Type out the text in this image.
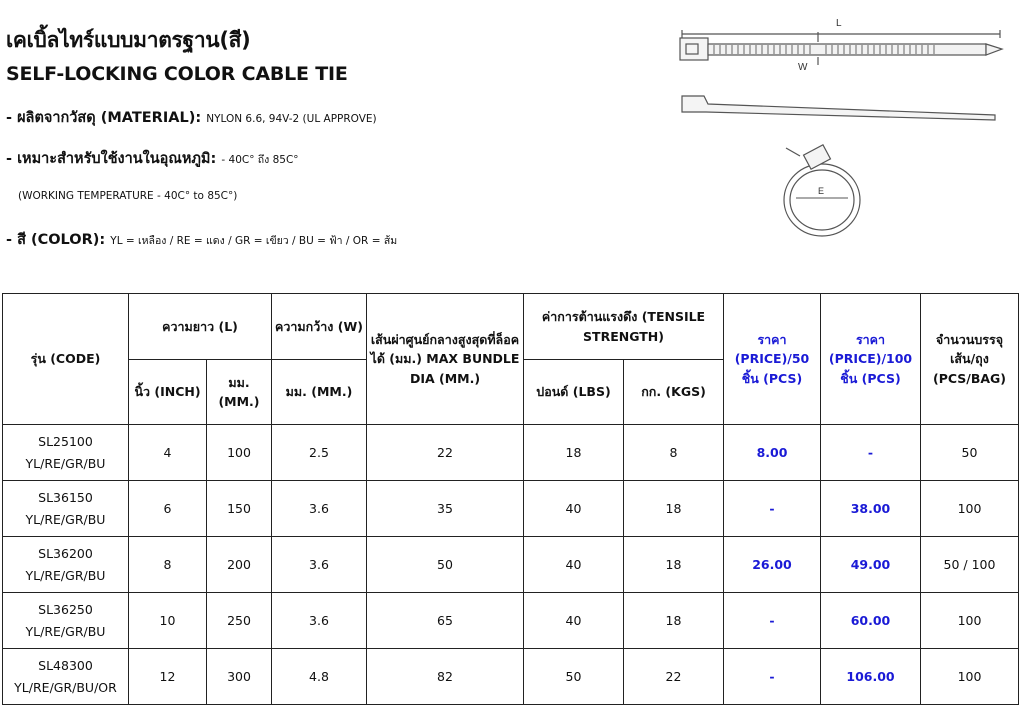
เคเบิ้ลไทร์แบบมาตรฐาน(สี)
SELF-LOCKING COLOR CABLE TIE
- ผลิตจากวัสดุ (MATERIAL): NYLON 6.6, 94V-2 (UL APPROVE)
- เหมาะสำหรับใช้งานในอุณหภูมิ: - 40C° ถึง 85C°
(WORKING TEMPERATURE - 40C° to 85C°)
- สี (COLOR): YL = เหลือง / RE = แดง / GR = เขียว / BU = ฟ้า / OR = ส้ม
L
W
E
รุ่น (CODE)	ความยาว (L)		ความกว้าง (W)	เส้นผ่าศูนย์กลางสูงสุดที่ล็อคได้ (มม.) MAX BUNDLE DIA (MM.)	ค่าการต้านแรงดึง (TENSILE STRENGTH)		ราคา (PRICE)/50 ชิ้น (PCS)	ราคา (PRICE)/100 ชิ้น (PCS)	จำนวนบรรจุ เส้น/ถุง (PCS/BAG)
	นิ้ว (INCH)	มม. (MM.)	มม. (MM.)		ปอนด์ (LBS)	กก. (KGS)			
SL25100
YL/RE/GR/BU	4	100	2.5	22	18	8	8.00	-	50
SL36150
YL/RE/GR/BU	6	150	3.6	35	40	18	-	38.00	100
SL36200
YL/RE/GR/BU	8	200	3.6	50	40	18	26.00	49.00	50 / 100
SL36250
YL/RE/GR/BU	10	250	3.6	65	40	18	-	60.00	100
SL48300
YL/RE/GR/BU/OR	12	300	4.8	82	50	22	-	106.00	100
